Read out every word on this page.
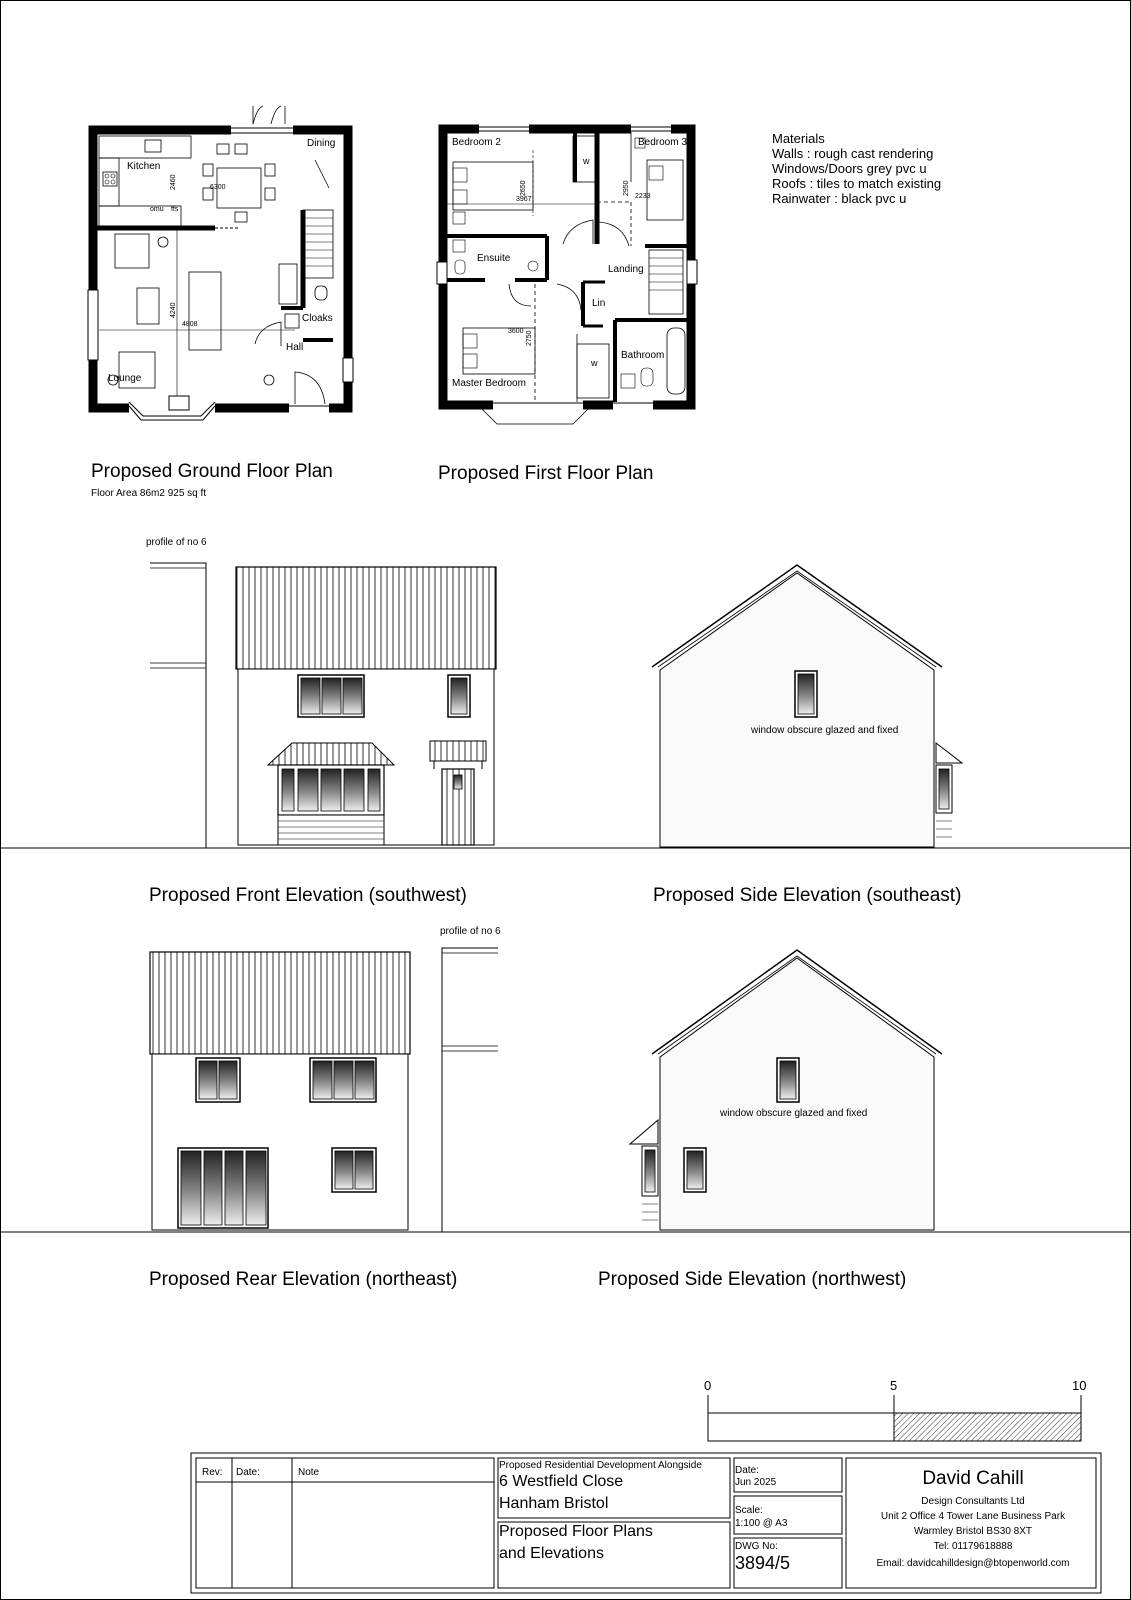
Kitchen
Dining
Lounge
Hall
Cloaks
omu ffs
6300
2460
4240
4808
Bedroom 2	Bedroom 3
Ensuite
Landing
Lin
Bathroom
Master Bedroom
w
w
2650
3967
2950
2233
3600 2750
Materials
Walls : rough cast rendering
Windows/Doors grey pvc u
Roofs : tiles to match existing
Rainwater : black pvc u
Proposed Ground Floor Plan
Floor Area 86m2 925 sq ft
Proposed First Floor Plan
profile of no 6
window obscure glazed and fixed
Proposed Front Elevation (southwest)	Proposed Side Elevation (southeast)
profile of no 6
window obscure glazed and fixed
Proposed Rear Elevation (northeast)	Proposed Side Elevation (northwest)
0	5	10
Rev: Date:	Note
Proposed Residential Development Alongside
6 Westfield Close
Hanham Bristol
Proposed Floor Plans
and Elevations
Date:
Jun 2025
Scale:
1:100 @ A3
DWG No:
3894/5
David Cahill
Design Consultants Ltd
Unit 2 Office 4 Tower Lane Business Park
Warmley Bristol BS30 8XT
Tel: 01179618888
Email: davidcahilldesign@btopenworld.com
